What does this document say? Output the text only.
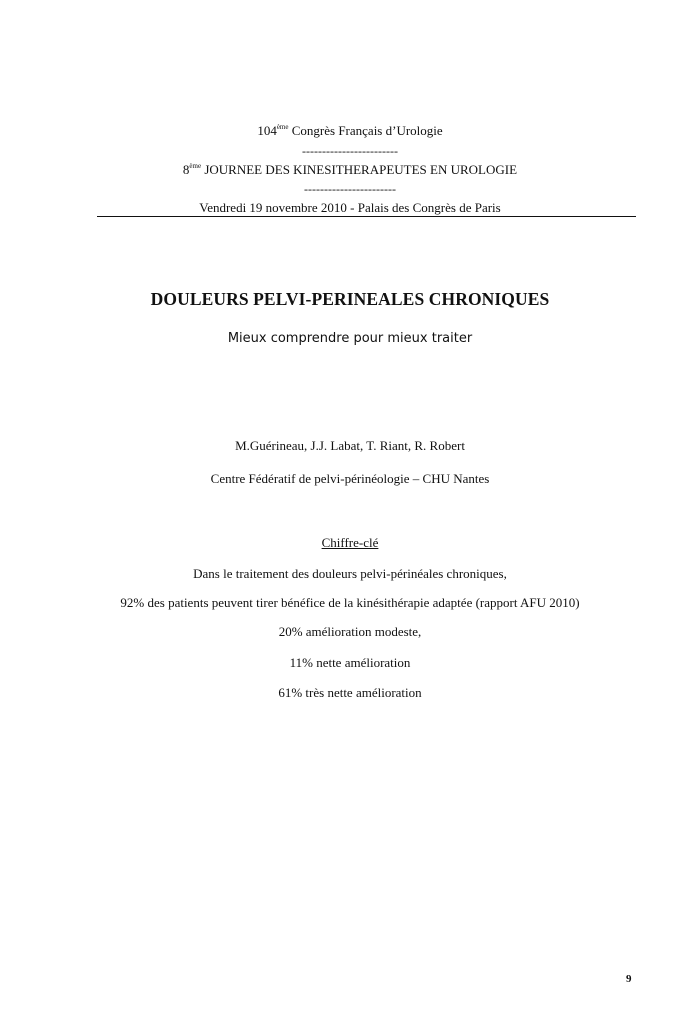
104ème Congrès Français d’Urologie
------------------------
8ème JOURNEE DES KINESITHERAPEUTES EN UROLOGIE
-----------------------
Vendredi 19 novembre 2010 - Palais des Congrès de Paris
DOULEURS PELVI-PERINEALES CHRONIQUES
Mieux comprendre pour mieux traiter
M.Guérineau, J.J. Labat, T. Riant, R. Robert
Centre Fédératif de pelvi-périnéologie – CHU Nantes
Chiffre-clé
Dans le traitement des douleurs pelvi-périnéales chroniques,
92% des patients peuvent tirer bénéfice de la kinésithérapie adaptée (rapport AFU 2010)
20% amélioration modeste,
11% nette amélioration
61% très nette amélioration
9
